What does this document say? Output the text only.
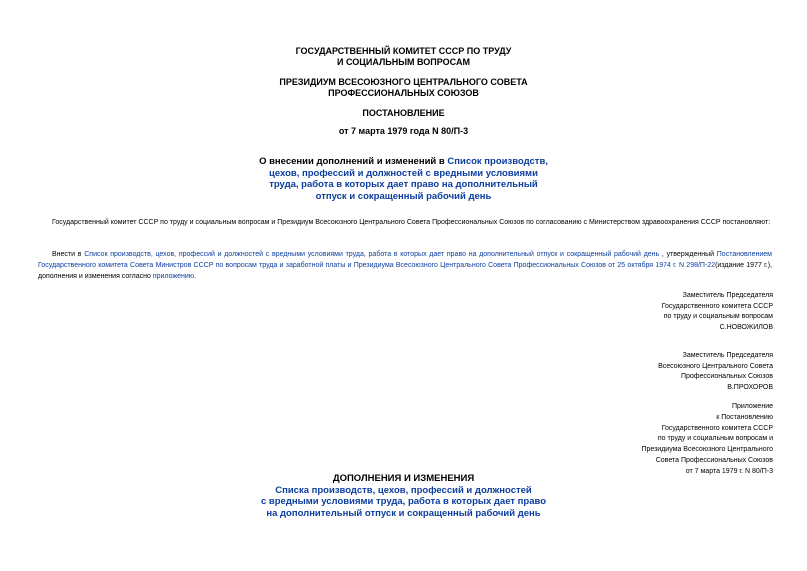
ГОСУДАРСТВЕННЫЙ КОМИТЕТ СССР ПО ТРУДУ
И СОЦИАЛЬНЫМ ВОПРОСАМ
ПРЕЗИДИУМ ВСЕСОЮЗНОГО ЦЕНТРАЛЬНОГО СОВЕТА
ПРОФЕССИОНАЛЬНЫХ СОЮЗОВ
ПОСТАНОВЛЕНИЕ
от 7 марта 1979 года N 80/П-3
О внесении дополнений и изменений в Список производств,
цехов, профессий и должностей с вредными условиями
труда, работа в которых дает право на дополнительный
отпуск и сокращенный рабочий день
Государственный комитет СССР по труду и социальным вопросам и Президиум Всесоюзного Центрального Совета Профессиональных Союзов по согласованию с Министерством здравоохранения СССР постановляют:
Внести в Список производств, цехов, профессий и должностей с вредными условиями труда, работа в которых дает право на дополнительный отпуск и сокращенный рабочий день , утвержденный Постановлением Государственного комитета Совета Министров СССР по вопросам труда и заработной платы и Президиума Всесоюзного Центрального Совета Профессиональных Союзов от 25 октября 1974 г. N 298/П-22(издание 1977 г.), дополнения и изменения согласно приложению.
Заместитель Председателя
Государственного комитета СССР
по труду и социальным вопросам
С.НОВОЖИЛОВ
Заместитель Председателя
Всесоюзного Центрального Совета
Профессиональных Союзов
В.ПРОХОРОВ
Приложение
к Постановлению
Государственного комитета СССР
по труду и социальным вопросам и
Президиума Всесоюзного Центрального
Совета Профессиональных Союзов
от 7 марта 1979 г. N 80/П-3
ДОПОЛНЕНИЯ И ИЗМЕНЕНИЯ
Списка производств, цехов, профессий и должностей
с вредными условиями труда, работа в которых дает право
на дополнительный отпуск и сокращенный рабочий день
